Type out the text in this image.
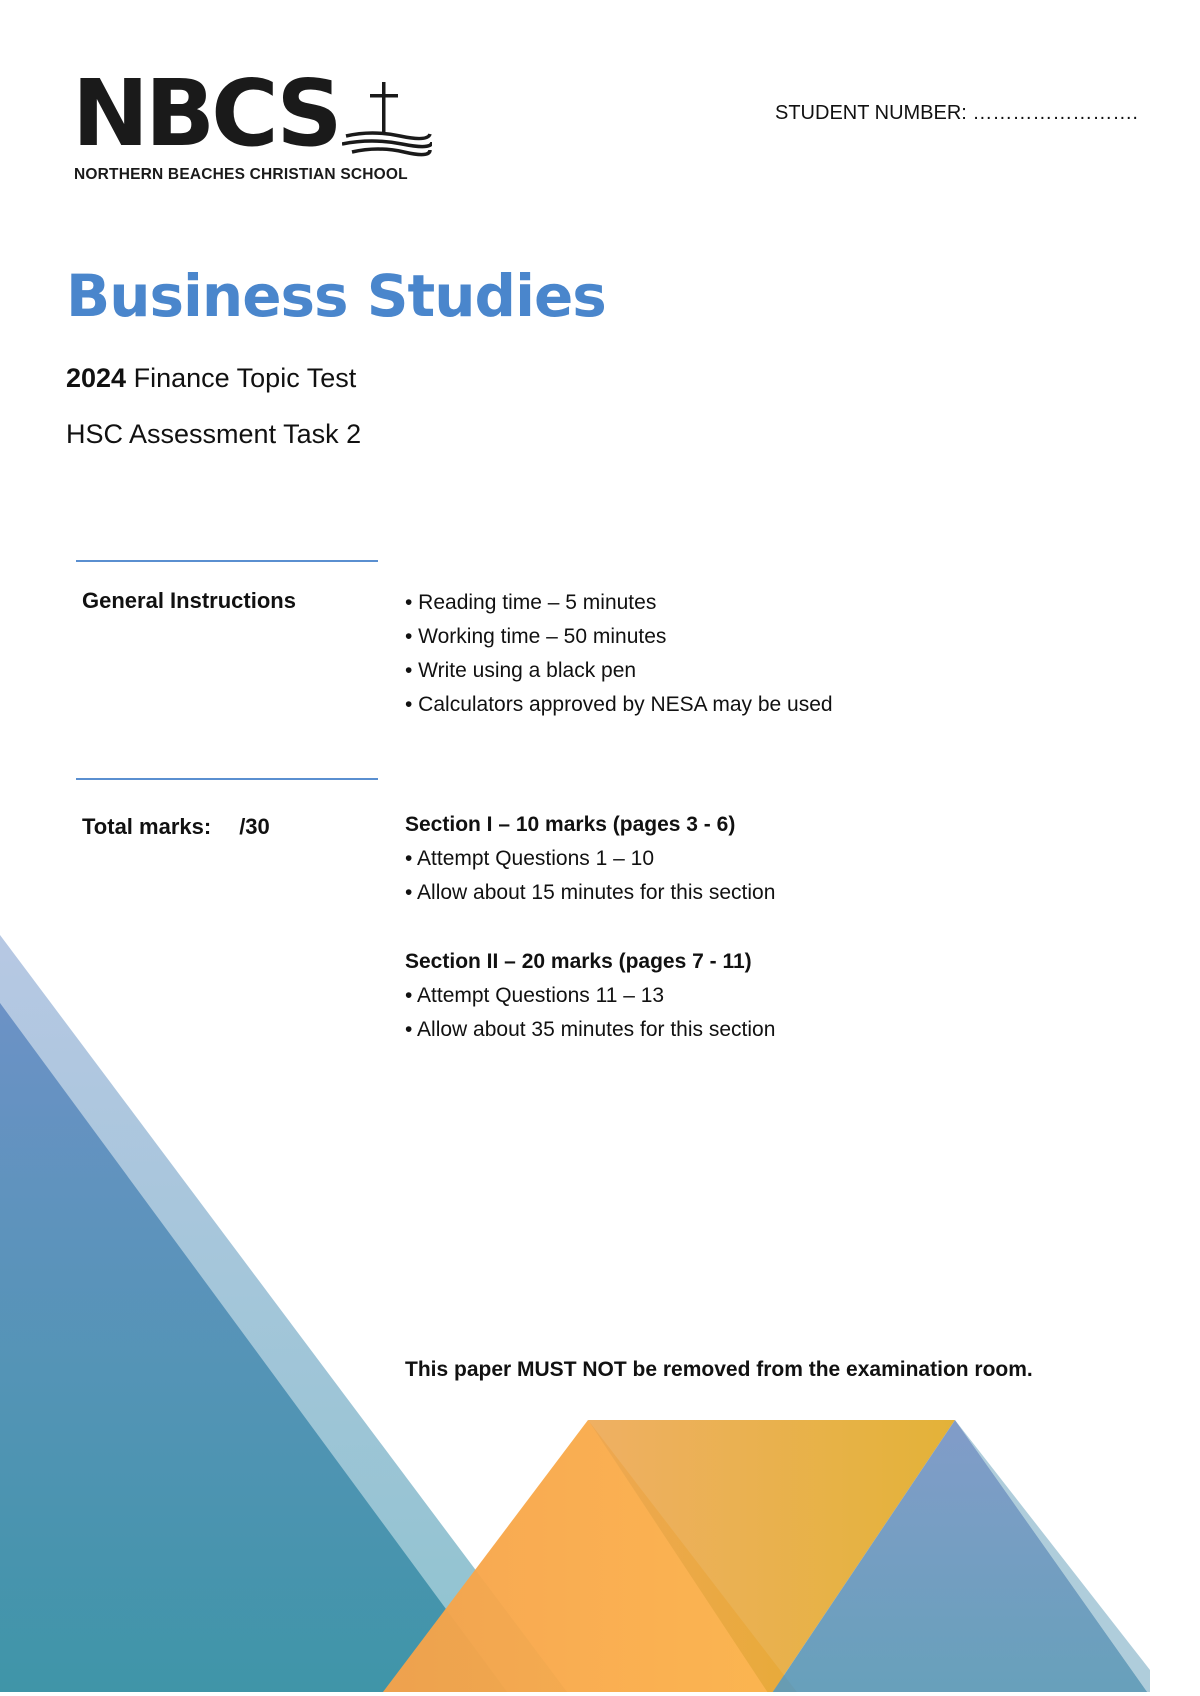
NBCS
NORTHERN BEACHES CHRISTIAN SCHOOL
STUDENT NUMBER: …………………….
Business Studies
2024 Finance Topic Test
HSC Assessment Task 2
General Instructions	• Reading time – 5 minutes
• Working time – 50 minutes
• Write using a black pen
• Calculators approved by NESA may be used
Total marks: /30	Section I – 10 marks (pages 3 - 6)
• Attempt Questions 1 – 10
• Allow about 15 minutes for this section
Section II – 20 marks (pages 7 - 11)
• Attempt Questions 11 – 13
• Allow about 35 minutes for this section
This paper MUST NOT be removed from the examination room.
